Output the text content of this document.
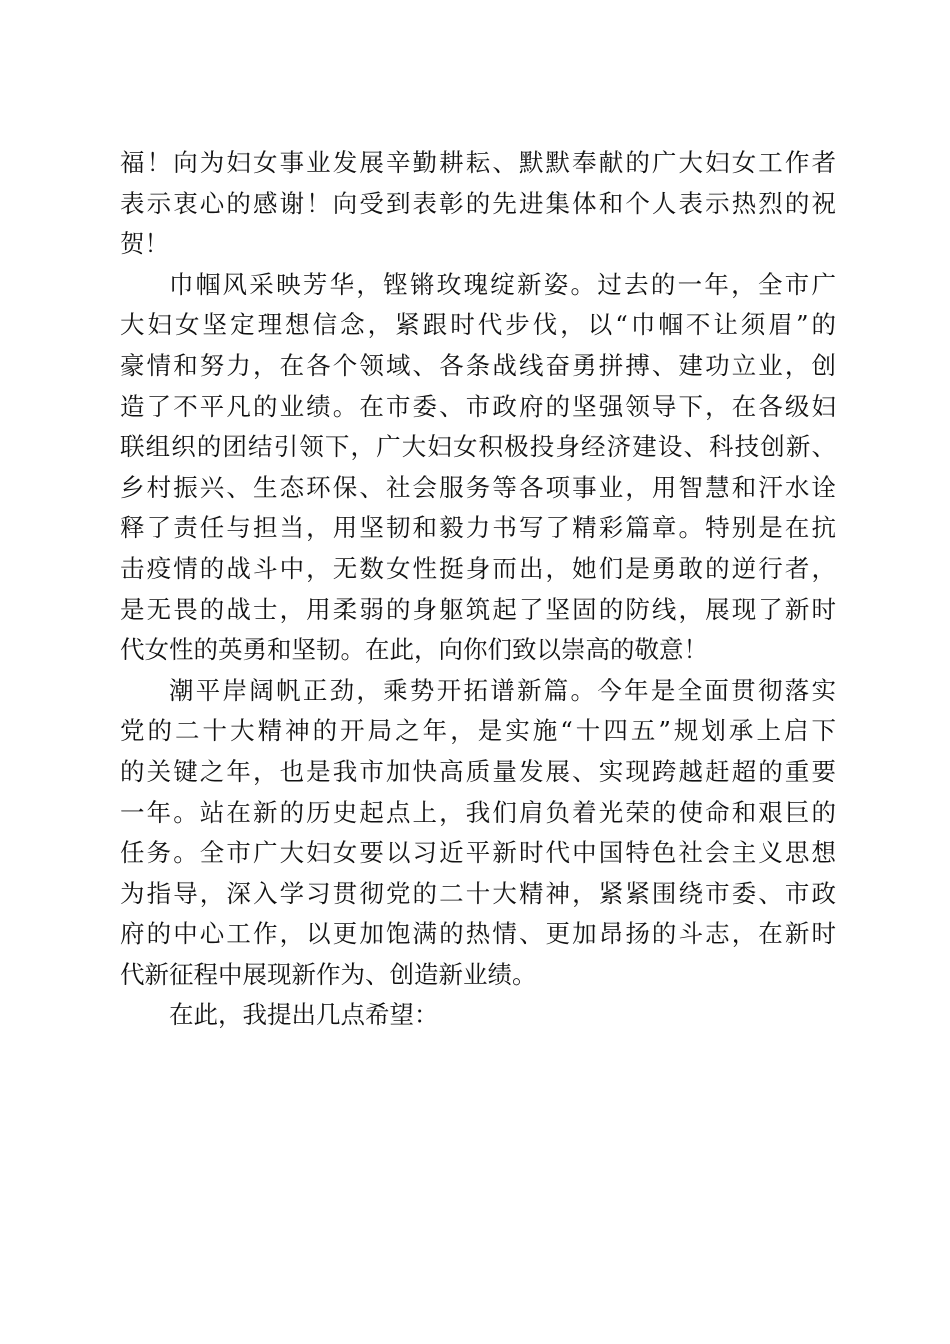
福！向为妇女事业发展辛勤耕耘、默默奉献的广大妇女工作者
表示衷心的感谢！向受到表彰的先进集体和个人表示热烈的祝
贺！
巾帼风采映芳华，铿锵玫瑰绽新姿。过去的一年，全市广
大妇女坚定理想信念，紧跟时代步伐，以“巾帼不让须眉”的
豪情和努力，在各个领域、各条战线奋勇拼搏、建功立业，创
造了不平凡的业绩。在市委、市政府的坚强领导下，在各级妇
联组织的团结引领下，广大妇女积极投身经济建设、科技创新、
乡村振兴、生态环保、社会服务等各项事业，用智慧和汗水诠
释了责任与担当，用坚韧和毅力书写了精彩篇章。特别是在抗
击疫情的战斗中，无数女性挺身而出，她们是勇敢的逆行者，
是无畏的战士，用柔弱的身躯筑起了坚固的防线，展现了新时
代女性的英勇和坚韧。在此，向你们致以崇高的敬意！
潮平岸阔帆正劲，乘势开拓谱新篇。今年是全面贯彻落实
党的二十大精神的开局之年，是实施“十四五”规划承上启下
的关键之年，也是我市加快高质量发展、实现跨越赶超的重要
一年。站在新的历史起点上，我们肩负着光荣的使命和艰巨的
任务。全市广大妇女要以习近平新时代中国特色社会主义思想
为指导，深入学习贯彻党的二十大精神，紧紧围绕市委、市政
府的中心工作，以更加饱满的热情、更加昂扬的斗志，在新时
代新征程中展现新作为、创造新业绩。
在此，我提出几点希望：
